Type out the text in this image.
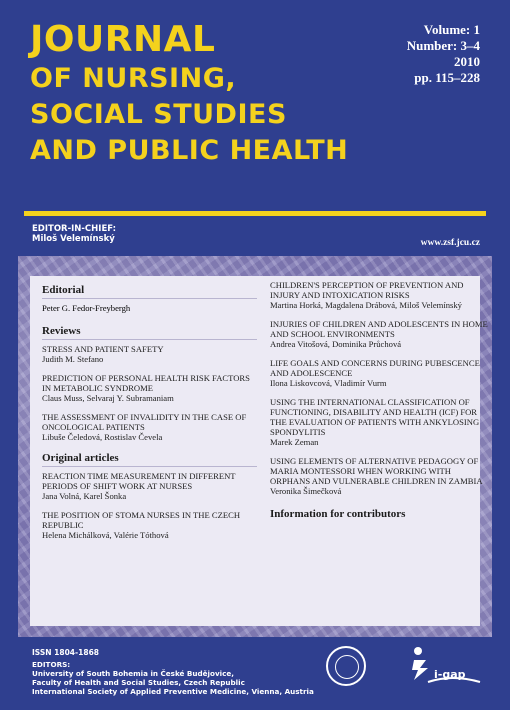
JOURNAL
OF NURSING,
SOCIAL STUDIES
AND PUBLIC HEALTH
Volume: 1
Number: 3–4
2010
pp. 115–228
EDITOR-IN-CHIEF:
Miloš Velemínský	www.zsf.jcu.cz
Editorial
Peter G. Fedor-Freybergh
Reviews
STRESS AND PATIENT SAFETY
Judith M. Stefano
PREDICTION OF PERSONAL HEALTH RISK FACTORS IN METABOLIC SYNDROME
Claus Muss, Selvaraj Y. Subramaniam
THE ASSESSMENT OF INVALIDITY IN THE CASE OF ONCOLOGICAL PATIENTS
Libuše Čeledová, Rostislav Čevela
Original articles
REACTION TIME MEASUREMENT IN DIFFERENT PERIODS OF SHIFT WORK AT NURSES
Jana Volná, Karel Šonka
THE POSITION OF STOMA NURSES IN THE CZECH REPUBLIC
Helena Michálková, Valérie Tóthová
CHILDREN'S PERCEPTION OF PREVENTION AND INJURY AND INTOXICATION RISKS
Martina Horká, Magdalena Drábová, Miloš Velemínský
INJURIES OF CHILDREN AND ADOLESCENTS IN HOME AND SCHOOL ENVIRONMENTS
Andrea Vitošová, Dominika Průchová
LIFE GOALS AND CONCERNS DURING PUBESCENCE AND ADOLESCENCE
Ilona Liskovcová, Vladimír Vurm
USING THE INTERNATIONAL CLASSIFICATION OF FUNCTIONING, DISABILITY AND HEALTH (ICF) FOR THE EVALUATION OF PATIENTS WITH ANKYLOSING SPONDYLITIS
Marek Zeman
USING ELEMENTS OF ALTERNATIVE PEDAGOGY OF MARIA MONTESSORI WHEN WORKING WITH ORPHANS AND VULNERABLE CHILDREN IN ZAMBIA
Veronika Šimečková
Information for contributors
ISSN 1804-1868
EDITORS:
University of South Bohemia in České Budějovice,
Faculty of Health and Social Studies, Czech Republic
International Society of Applied Preventive Medicine, Vienna, Austria
i-gap
